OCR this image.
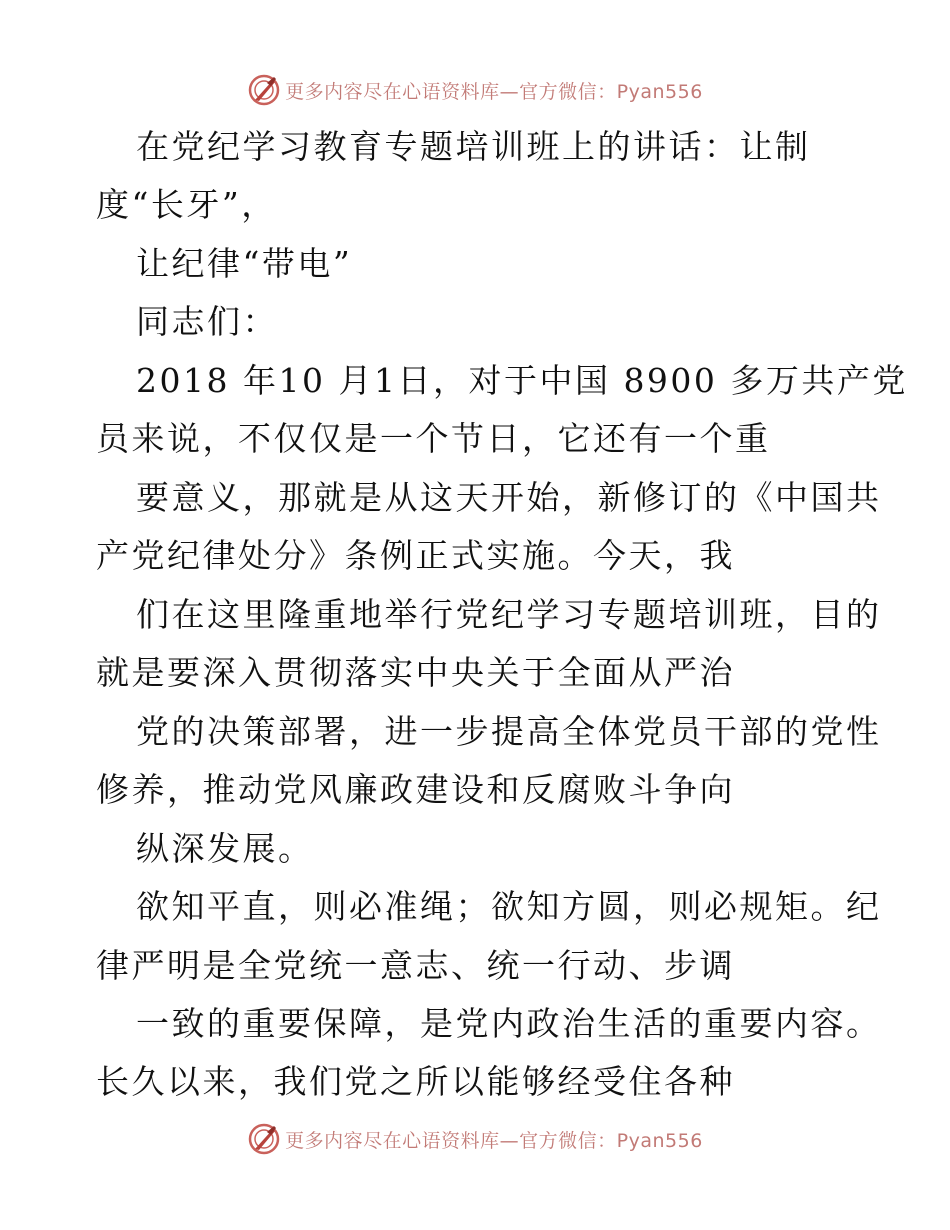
更多内容尽在心语资料库—官方微信：Pyan556
在党纪学习教育专题培训班上的讲话：让制
度“长牙”，
让纪律“带电”
同志们：
2018 年10 月1日，对于中国 8900 多万共产党
员来说，不仅仅是一个节日，它还有一个重
要意义，那就是从这天开始，新修订的《中国共
产党纪律处分》条例正式实施。今天，我
们在这里隆重地举行党纪学习专题培训班，目的
就是要深入贯彻落实中央关于全面从严治
党的决策部署，进一步提高全体党员干部的党性
修养，推动党风廉政建设和反腐败斗争向
纵深发展。
欲知平直，则必准绳；欲知方圆，则必规矩。纪
律严明是全党统一意志、统一行动、步调
一致的重要保障，是党内政治生活的重要内容。
长久以来，我们党之所以能够经受住各种
更多内容尽在心语资料库—官方微信：Pyan556
